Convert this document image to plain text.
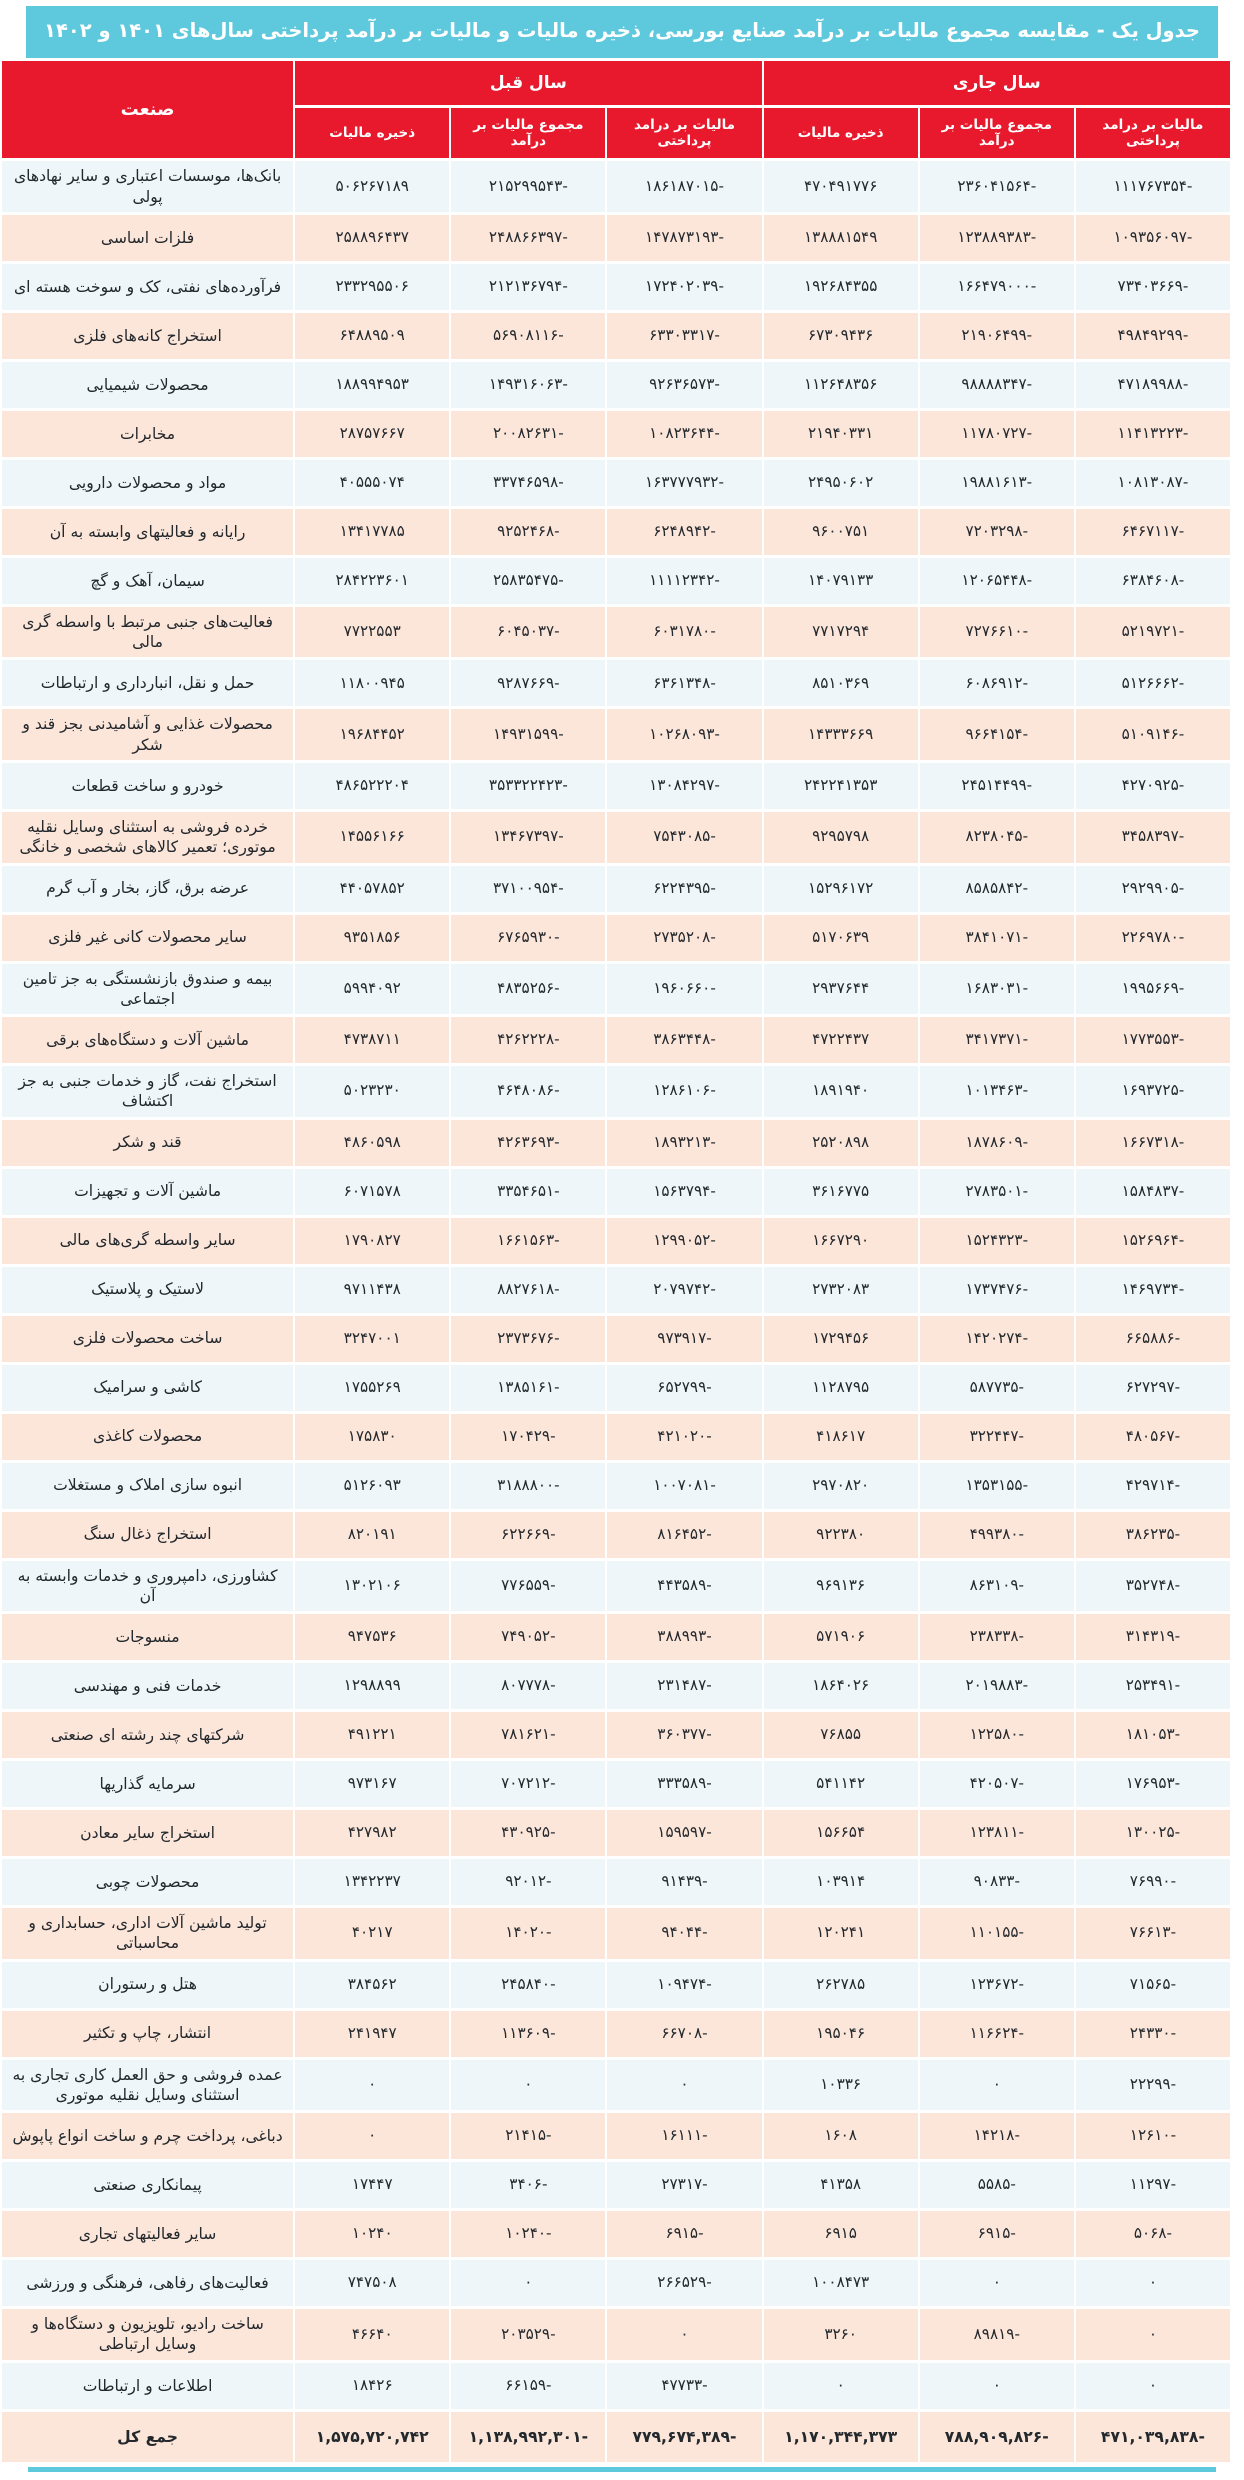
جدول یک - مقایسه مجموع مالیات بر درآمد صنایع بورسی، ذخیره مالیات و مالیات بر درآمد پرداختی سال‌های ۱۴۰۱ و ۱۴۰۲
سال جاری			سال قبل			صنعت
مالیات بر درامد پرداختی	مجموع مالیات بر درآمد	ذخیره مالیات	مالیات بر درامد پرداختی	مجموع مالیات بر درآمد	ذخیره مالیات	
-۱۱۱۷۶۷۳۵۴	-۲۳۶۰۴۱۵۶۴	۴۷۰۴۹۱۷۷۶	-۱۸۶۱۸۷۰۱۵	-۲۱۵۲۹۹۵۴۳	۵۰۶۲۶۷۱۸۹	بانک‌ها، موسسات اعتباری و سایر نهادهای پولی
-۱۰۹۳۵۶۰۹۷	-۱۲۳۸۸۹۳۸۳	۱۳۸۸۸۱۵۴۹	-۱۴۷۸۷۳۱۹۳	-۲۴۸۸۶۶۳۹۷	۲۵۸۸۹۶۴۳۷	فلزات اساسی
-۷۳۴۰۳۶۶۹	-۱۶۶۴۷۹۰۰۰	۱۹۲۶۸۴۳۵۵	-۱۷۲۴۰۲۰۳۹	-۲۱۲۱۳۶۷۹۴	۲۳۳۲۹۵۵۰۶	فرآورده‌های نفتی، کک و سوخت هسته ای
-۴۹۸۴۹۲۹۹	-۲۱۹۰۶۴۹۹	۶۷۳۰۹۴۳۶	-۶۳۳۰۳۳۱۷	-۵۶۹۰۸۱۱۶	۶۴۸۸۹۵۰۹	استخراج کانه‌های فلزی
-۴۷۱۸۹۹۸۸	-۹۸۸۸۸۳۴۷	۱۱۲۶۴۸۳۵۶	-۹۲۶۳۶۵۷۳	-۱۴۹۳۱۶۰۶۳	۱۸۸۹۹۴۹۵۳	محصولات شیمیایی
-۱۱۴۱۳۲۲۳	-۱۱۷۸۰۷۲۷	۲۱۹۴۰۳۳۱	-۱۰۸۲۳۶۴۴	-۲۰۰۸۲۶۳۱	۲۸۷۵۷۶۶۷	مخابرات
-۱۰۸۱۳۰۸۷	-۱۹۸۸۱۶۱۳	۲۴۹۵۰۶۰۲	-۱۶۳۷۷۷۹۳۲	-۳۳۷۴۶۵۹۸	۴۰۵۵۵۰۷۴	مواد و محصولات دارویی
-۶۴۶۷۱۱۷	-۷۲۰۳۲۹۸	۹۶۰۰۷۵۱	-۶۲۴۸۹۴۲	-۹۲۵۲۴۶۸	۱۳۴۱۷۷۸۵	رایانه و فعالیتهای وابسته به آن
-۶۳۸۴۶۰۸	-۱۲۰۶۵۴۴۸	۱۴۰۷۹۱۳۳	-۱۱۱۱۲۳۴۲	-۲۵۸۳۵۴۷۵	۲۸۴۲۲۳۶۰۱	سیمان، آهک و گچ
-۵۲۱۹۷۲۱	-۷۲۷۶۶۱۰	۷۷۱۷۲۹۴	-۶۰۳۱۷۸۰	-۶۰۴۵۰۳۷	۷۷۲۲۵۵۳	فعالیت‌های جنبی مرتبط با واسطه گری مالی
-۵۱۲۶۶۶۲	-۶۰۸۶۹۱۲	۸۵۱۰۳۶۹	-۶۳۶۱۳۴۸	-۹۲۸۷۶۶۹	۱۱۸۰۰۹۴۵	حمل و نقل، انبارداری و ارتباطات
-۵۱۰۹۱۴۶	-۹۶۶۴۱۵۴	۱۴۳۳۳۶۶۹	-۱۰۲۶۸۰۹۳	-۱۴۹۳۱۵۹۹	۱۹۶۸۴۴۵۲	محصولات غذایی و آشامیدنی بجز قند و شکر
-۴۲۷۰۹۲۵	-۲۴۵۱۴۴۹۹	۲۴۲۲۴۱۳۵۳	-۱۳۰۸۴۲۹۷	-۳۵۳۳۲۲۴۲۳	۴۸۶۵۲۲۲۰۴	خودرو و ساخت قطعات
-۳۴۵۸۳۹۷	-۸۲۳۸۰۴۵	۹۲۹۵۷۹۸	-۷۵۴۳۰۸۵	-۱۳۴۶۷۳۹۷	۱۴۵۵۶۱۶۶	خرده فروشی به استثنای وسایل نقلیه موتوری؛ تعمیر کالاهای شخصی و خانگی
-۲۹۲۹۹۰۵	-۸۵۸۵۸۴۲	۱۵۲۹۶۱۷۲	-۶۲۲۴۳۹۵	-۳۷۱۰۰۹۵۴	۴۴۰۵۷۸۵۲	عرضه برق، گاز، بخار و آب گرم
-۲۲۶۹۷۸۰	-۳۸۴۱۰۷۱	۵۱۷۰۶۳۹	-۲۷۳۵۲۰۸	-۶۷۶۵۹۳۰	۹۳۵۱۸۵۶	سایر محصولات کانی غیر فلزی
-۱۹۹۵۶۶۹	-۱۶۸۳۰۳۱	۲۹۳۷۶۴۴	-۱۹۶۰۶۶۰	-۴۸۳۵۲۵۶	۵۹۹۴۰۹۲	بیمه و صندوق بازنشستگی به جز تامین اجتماعی
-۱۷۷۳۵۵۳	-۳۴۱۷۳۷۱	۴۷۲۲۴۳۷	-۳۸۶۳۴۴۸	-۴۲۶۲۲۲۸	۴۷۳۸۷۱۱	ماشین آلات و دستگاه‌های برقی
-۱۶۹۳۷۲۵	-۱۰۱۳۴۶۳	۱۸۹۱۹۴۰	-۱۲۸۶۱۰۶	-۴۶۴۸۰۸۶	۵۰۲۳۲۳۰	استخراج نفت، گاز و خدمات جنبی به جز اکتشاف
-۱۶۶۷۳۱۸	-۱۸۷۸۶۰۹	۲۵۲۰۸۹۸	-۱۸۹۳۲۱۳	-۴۲۶۳۶۹۳	۴۸۶۰۵۹۸	قند و شکر
-۱۵۸۴۸۳۷	-۲۷۸۳۵۰۱	۳۶۱۶۷۷۵	-۱۵۶۳۷۹۴	-۳۳۵۴۶۵۱	۶۰۷۱۵۷۸	ماشین آلات و تجهیزات
-۱۵۲۶۹۶۴	-۱۵۲۴۳۲۳	۱۶۶۷۲۹۰	-۱۲۹۹۰۵۲	-۱۶۶۱۵۶۳	۱۷۹۰۸۲۷	سایر واسطه گری‌های مالی
-۱۴۶۹۷۳۴	-۱۷۳۷۴۷۶	۲۷۳۲۰۸۳	-۲۰۷۹۷۴۲	-۸۸۲۷۶۱۸	۹۷۱۱۴۳۸	لاستیک و پلاستیک
-۶۶۵۸۸۶	-۱۴۲۰۲۷۴	۱۷۲۹۴۵۶	-۹۷۳۹۱۷	-۲۳۷۳۶۷۶	۳۲۴۷۰۰۱	ساخت محصولات فلزی
-۶۲۷۲۹۷	-۵۸۷۷۳۵	۱۱۲۸۷۹۵	-۶۵۲۷۹۹	-۱۳۸۵۱۶۱	۱۷۵۵۲۶۹	کاشی و سرامیک
-۴۸۰۵۶۷	-۳۲۲۴۴۷	۴۱۸۶۱۷	-۴۲۱۰۲۰	-۱۷۰۴۲۹	۱۷۵۸۳۰	محصولات کاغذی
-۴۲۹۷۱۴	-۱۳۵۳۱۵۵	۲۹۷۰۸۲۰	-۱۰۰۷۰۸۱	-۳۱۸۸۸۰۰	۵۱۲۶۰۹۳	انبوه سازی املاک و مستغلات
-۳۸۶۲۳۵	-۴۹۹۳۸۰	۹۲۲۳۸۰	-۸۱۶۴۵۲	-۶۲۲۶۶۹	۸۲۰۱۹۱	استخراج ذغال سنگ
-۳۵۲۷۴۸	-۸۶۳۱۰۹	۹۶۹۱۳۶	-۴۴۳۵۸۹	-۷۷۶۵۵۹	۱۳۰۲۱۰۶	کشاورزی، دامپروری و خدمات وابسته به آن
-۳۱۴۳۱۹	-۲۳۸۳۳۸	۵۷۱۹۰۶	-۳۸۸۹۹۳	-۷۴۹۰۵۲	۹۴۷۵۳۶	منسوجات
-۲۵۳۴۹۱	-۲۰۱۹۸۸۳	۱۸۶۴۰۲۶	-۲۳۱۴۸۷	-۸۰۷۷۷۸	۱۲۹۸۸۹۹	خدمات فنی و مهندسی
-۱۸۱۰۵۳	-۱۲۲۵۸۰	۷۶۸۵۵	-۳۶۰۳۷۷	-۷۸۱۶۲۱	۴۹۱۲۲۱	شرکتهای چند رشته ای صنعتی
-۱۷۶۹۵۳	-۴۲۰۵۰۷	۵۴۱۱۴۲	-۳۳۳۵۸۹	-۷۰۷۲۱۲	۹۷۳۱۶۷	سرمایه گذاریها
-۱۳۰۰۲۵	-۱۲۳۸۱۱	۱۵۶۶۵۴	-۱۵۹۵۹۷	-۴۳۰۹۲۵	۴۲۷۹۸۲	استخراج سایر معادن
-۷۶۹۹۰	-۹۰۸۳۳	۱۰۳۹۱۴	-۹۱۴۳۹	-۹۲۰۱۲	۱۳۴۲۲۳۷	محصولات چوبی
-۷۶۶۱۳	-۱۱۰۱۵۵	۱۲۰۲۴۱	-۹۴۰۴۴	-۱۴۰۲۰	۴۰۲۱۷	تولید ماشین آلات اداری، حسابداری و محاسباتی
-۷۱۵۶۵	-۱۲۳۶۷۲	۲۶۲۷۸۵	-۱۰۹۴۷۴	-۲۴۵۸۴۰	۳۸۴۵۶۲	هتل و رستوران
-۲۴۳۳۰	-۱۱۶۶۲۴	۱۹۵۰۴۶	-۶۶۷۰۸	-۱۱۳۶۰۹	۲۴۱۹۴۷	انتشار، چاپ و تکثیر
-۲۲۲۹۹	۰	۱۰۳۳۶	۰	۰	۰	عمده فروشی و حق العمل کاری تجاری به استثنای وسایل نقلیه موتوری
-۱۲۶۱۰	-۱۴۲۱۸	۱۶۰۸	-۱۶۱۱۱	-۲۱۴۱۵	۰	دباغی، پرداخت چرم و ساخت انواع پاپوش
-۱۱۲۹۷	-۵۵۸۵	۴۱۳۵۸	-۲۷۳۱۷	-۳۴۰۶	۱۷۴۴۷	پیمانکاری صنعتی
-۵۰۶۸	-۶۹۱۵	۶۹۱۵	-۶۹۱۵	-۱۰۲۴۰	۱۰۲۴۰	سایر فعالیتهای تجاری
۰	۰	۱۰۰۸۴۷۳	-۲۶۶۵۲۹	۰	۷۴۷۵۰۸	فعالیت‌های رفاهی، فرهنگی و ورزشی
۰	-۸۹۸۱۹	۳۲۶۰	۰	-۲۰۳۵۲۹	۴۶۶۴۰	ساخت رادیو، تلویزیون و دستگاه‌ها و وسایل ارتباطی
۰	۰	۰	-۴۷۷۳۳	-۶۶۱۵۹	۱۸۴۲۶	اطلاعات و ارتباطات
-۴۷۱,۰۳۹,۸۳۸	-۷۸۸,۹۰۹,۸۲۶	۱,۱۷۰,۳۴۴,۳۷۳	-۷۷۹,۶۷۴,۳۸۹	-۱,۱۳۸,۹۹۲,۳۰۱	۱,۵۷۵,۷۲۰,۷۴۲	جمع کل
